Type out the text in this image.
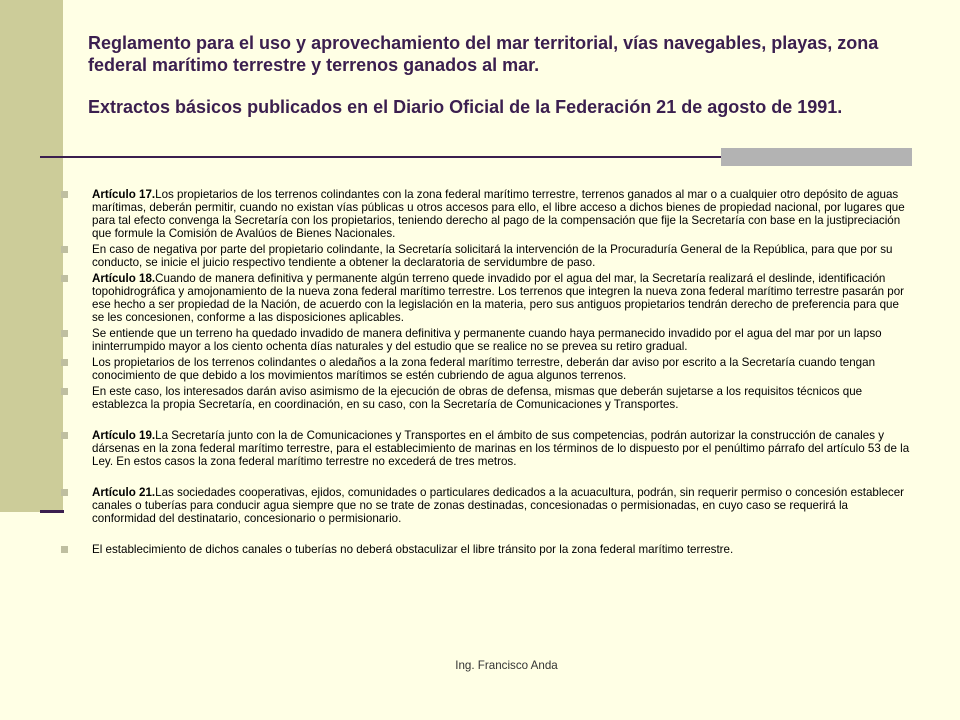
Reglamento para el uso y aprovechamiento del mar territorial, vías navegables, playas, zona federal marítimo terrestre y terrenos ganados al mar.

Extractos básicos publicados en el Diario Oficial de la Federación 21 de agosto de 1991.

Artículo 17.Los propietarios de los terrenos colindantes con la zona federal marítimo terrestre, terrenos ganados al mar o a cualquier otro depósito de aguas marítimas, deberán permitir, cuando no existan vías públicas u otros accesos para ello, el libre acceso a dichos bienes de propiedad nacional, por lugares que para tal efecto convenga la Secretaría con los propietarios, teniendo derecho al pago de la compensación que fije la Secretaría con base en la justipreciación que formule la Comisión de Avalúos de Bienes Nacionales.
En caso de negativa por parte del propietario colindante, la Secretaría solicitará la intervención de la Procuraduría General de la República, para que por su conducto, se inicie el juicio respectivo tendiente a obtener la declaratoria de servidumbre de paso.
Artículo 18.Cuando de manera definitiva y permanente algún terreno quede invadido por el agua del mar, la Secretaría realizará el deslinde, identificación topohidrográfica y amojonamiento de la nueva zona federal marítimo terrestre. Los terrenos que integren la nueva zona federal marítimo terrestre pasarán por ese hecho a ser propiedad de la Nación, de acuerdo con la legislación en la materia, pero sus antiguos propietarios tendrán derecho de preferencia para que se les concesionen, conforme a las disposiciones aplicables.
Se entiende que un terreno ha quedado invadido de manera definitiva y permanente cuando haya permanecido invadido por el agua del mar por un lapso ininterrumpido mayor a los ciento ochenta días naturales y del estudio que se realice no se prevea su retiro gradual.
Los propietarios de los terrenos colindantes o aledaños a la zona federal marítimo terrestre, deberán dar aviso por escrito a la Secretaría cuando tengan conocimiento de que debido a los movimientos marítimos se estén cubriendo de agua algunos terrenos.
En este caso, los interesados darán aviso asimismo de la ejecución de obras de defensa, mismas que deberán sujetarse a los requisitos técnicos que establezca la propia Secretaría, en coordinación, en su caso, con la Secretaría de Comunicaciones y Transportes.
Artículo 19.La Secretaría junto con la de Comunicaciones y Transportes en el ámbito de sus competencias, podrán autorizar la construcción de canales y dársenas en la zona federal marítimo terrestre, para el establecimiento de marinas en los términos de lo dispuesto por el penúltimo párrafo del artículo 53 de la Ley. En estos casos la zona federal marítimo terrestre no excederá de tres metros.
Artículo 21.Las sociedades cooperativas, ejidos, comunidades o particulares dedicados a la acuacultura, podrán, sin requerir permiso o concesión establecer canales o tuberías para conducir agua siempre que no se trate de zonas destinadas, concesionadas o permisionadas, en cuyo caso se requerirá la conformidad del destinatario, concesionario o permisionario.
El establecimiento de dichos canales o tuberías no deberá obstaculizar el libre tránsito por la zona federal marítimo terrestre.
Ing. Francisco Anda
